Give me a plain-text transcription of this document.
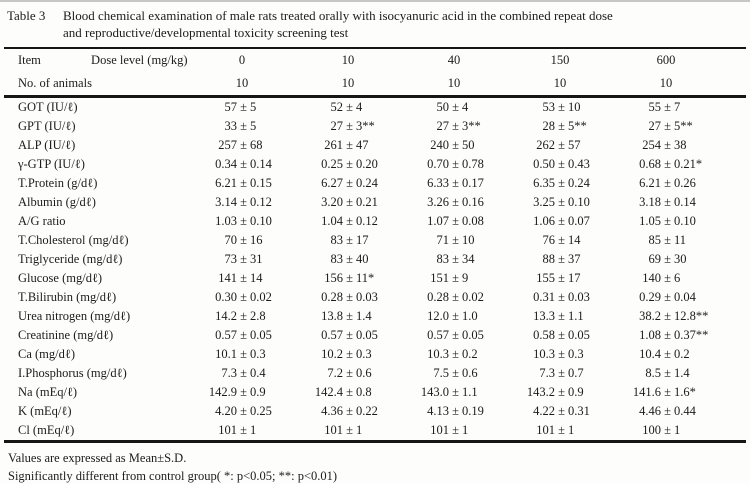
Table 3	Blood chemical examination of male rats treated orally with isocyanuric acid in the combined repeat dose
and reproductive/developmental toxicity screening test
Item Dose level (mg/kg)	0	10	40	150	600	
No. of animals	10	10	10	10	10	
GOT (IU/ℓ)	57 ± 5	52 ± 4	50 ± 4	53 ± 10	55 ± 7	

GPT (IU/ℓ)	33 ± 5	27 ± 3**	27 ± 3**	28 ± 5**	27 ± 5**	

ALP (IU/ℓ)	257 ± 68	261 ± 47	240 ± 50	262 ± 57	254 ± 38	

γ-GTP (IU/ℓ)	0.34 ± 0.14	0.25 ± 0.20	0.70 ± 0.78	0.50 ± 0.43	0.68 ± 0.21*	

T.Protein (g/dℓ)	6.21 ± 0.15	6.27 ± 0.24	6.33 ± 0.17	6.35 ± 0.24	6.21 ± 0.26	

Albumin (g/dℓ)	3.14 ± 0.12	3.20 ± 0.21	3.26 ± 0.16	3.25 ± 0.10	3.18 ± 0.14	

A/G ratio	1.03 ± 0.10	1.04 ± 0.12	1.07 ± 0.08	1.06 ± 0.07	1.05 ± 0.10	

T.Cholesterol (mg/dℓ)	70 ± 16	83 ± 17	71 ± 10	76 ± 14	85 ± 11	

Triglyceride (mg/dℓ)	73 ± 31	83 ± 40	83 ± 34	88 ± 37	69 ± 30	

Glucose (mg/dℓ)	141 ± 14	156 ± 11*	151 ± 9	155 ± 17	140 ± 6	

T.Bilirubin (mg/dℓ)	0.30 ± 0.02	0.28 ± 0.03	0.28 ± 0.02	0.31 ± 0.03	0.29 ± 0.04	

Urea nitrogen (mg/dℓ)	14.2 ± 2.8	13.8 ± 1.4	12.0 ± 1.0	13.3 ± 1.1	38.2 ± 12.8**	

Creatinine (mg/dℓ)	0.57 ± 0.05	0.57 ± 0.05	0.57 ± 0.05	0.58 ± 0.05	1.08 ± 0.37**	

Ca (mg/dℓ)	10.1 ± 0.3	10.2 ± 0.3	10.3 ± 0.2	10.3 ± 0.3	10.4 ± 0.2	

I.Phosphorus (mg/dℓ)	7.3 ± 0.4	7.2 ± 0.6	7.5 ± 0.6	7.3 ± 0.7	8.5 ± 1.4	

Na (mEq/ℓ)	142.9 ± 0.9	142.4 ± 0.8	143.0 ± 1.1	143.2 ± 0.9	141.6 ± 1.6*	

K (mEq/ℓ)	4.20 ± 0.25	4.36 ± 0.22	4.13 ± 0.19	4.22 ± 0.31	4.46 ± 0.44	

Cl (mEq/ℓ)	101 ± 1	101 ± 1	101 ± 1	101 ± 1	100 ± 1	

Values are expressed as Mean±S.D.
Significantly different from control group( *: p<0.05; **: p<0.01)
